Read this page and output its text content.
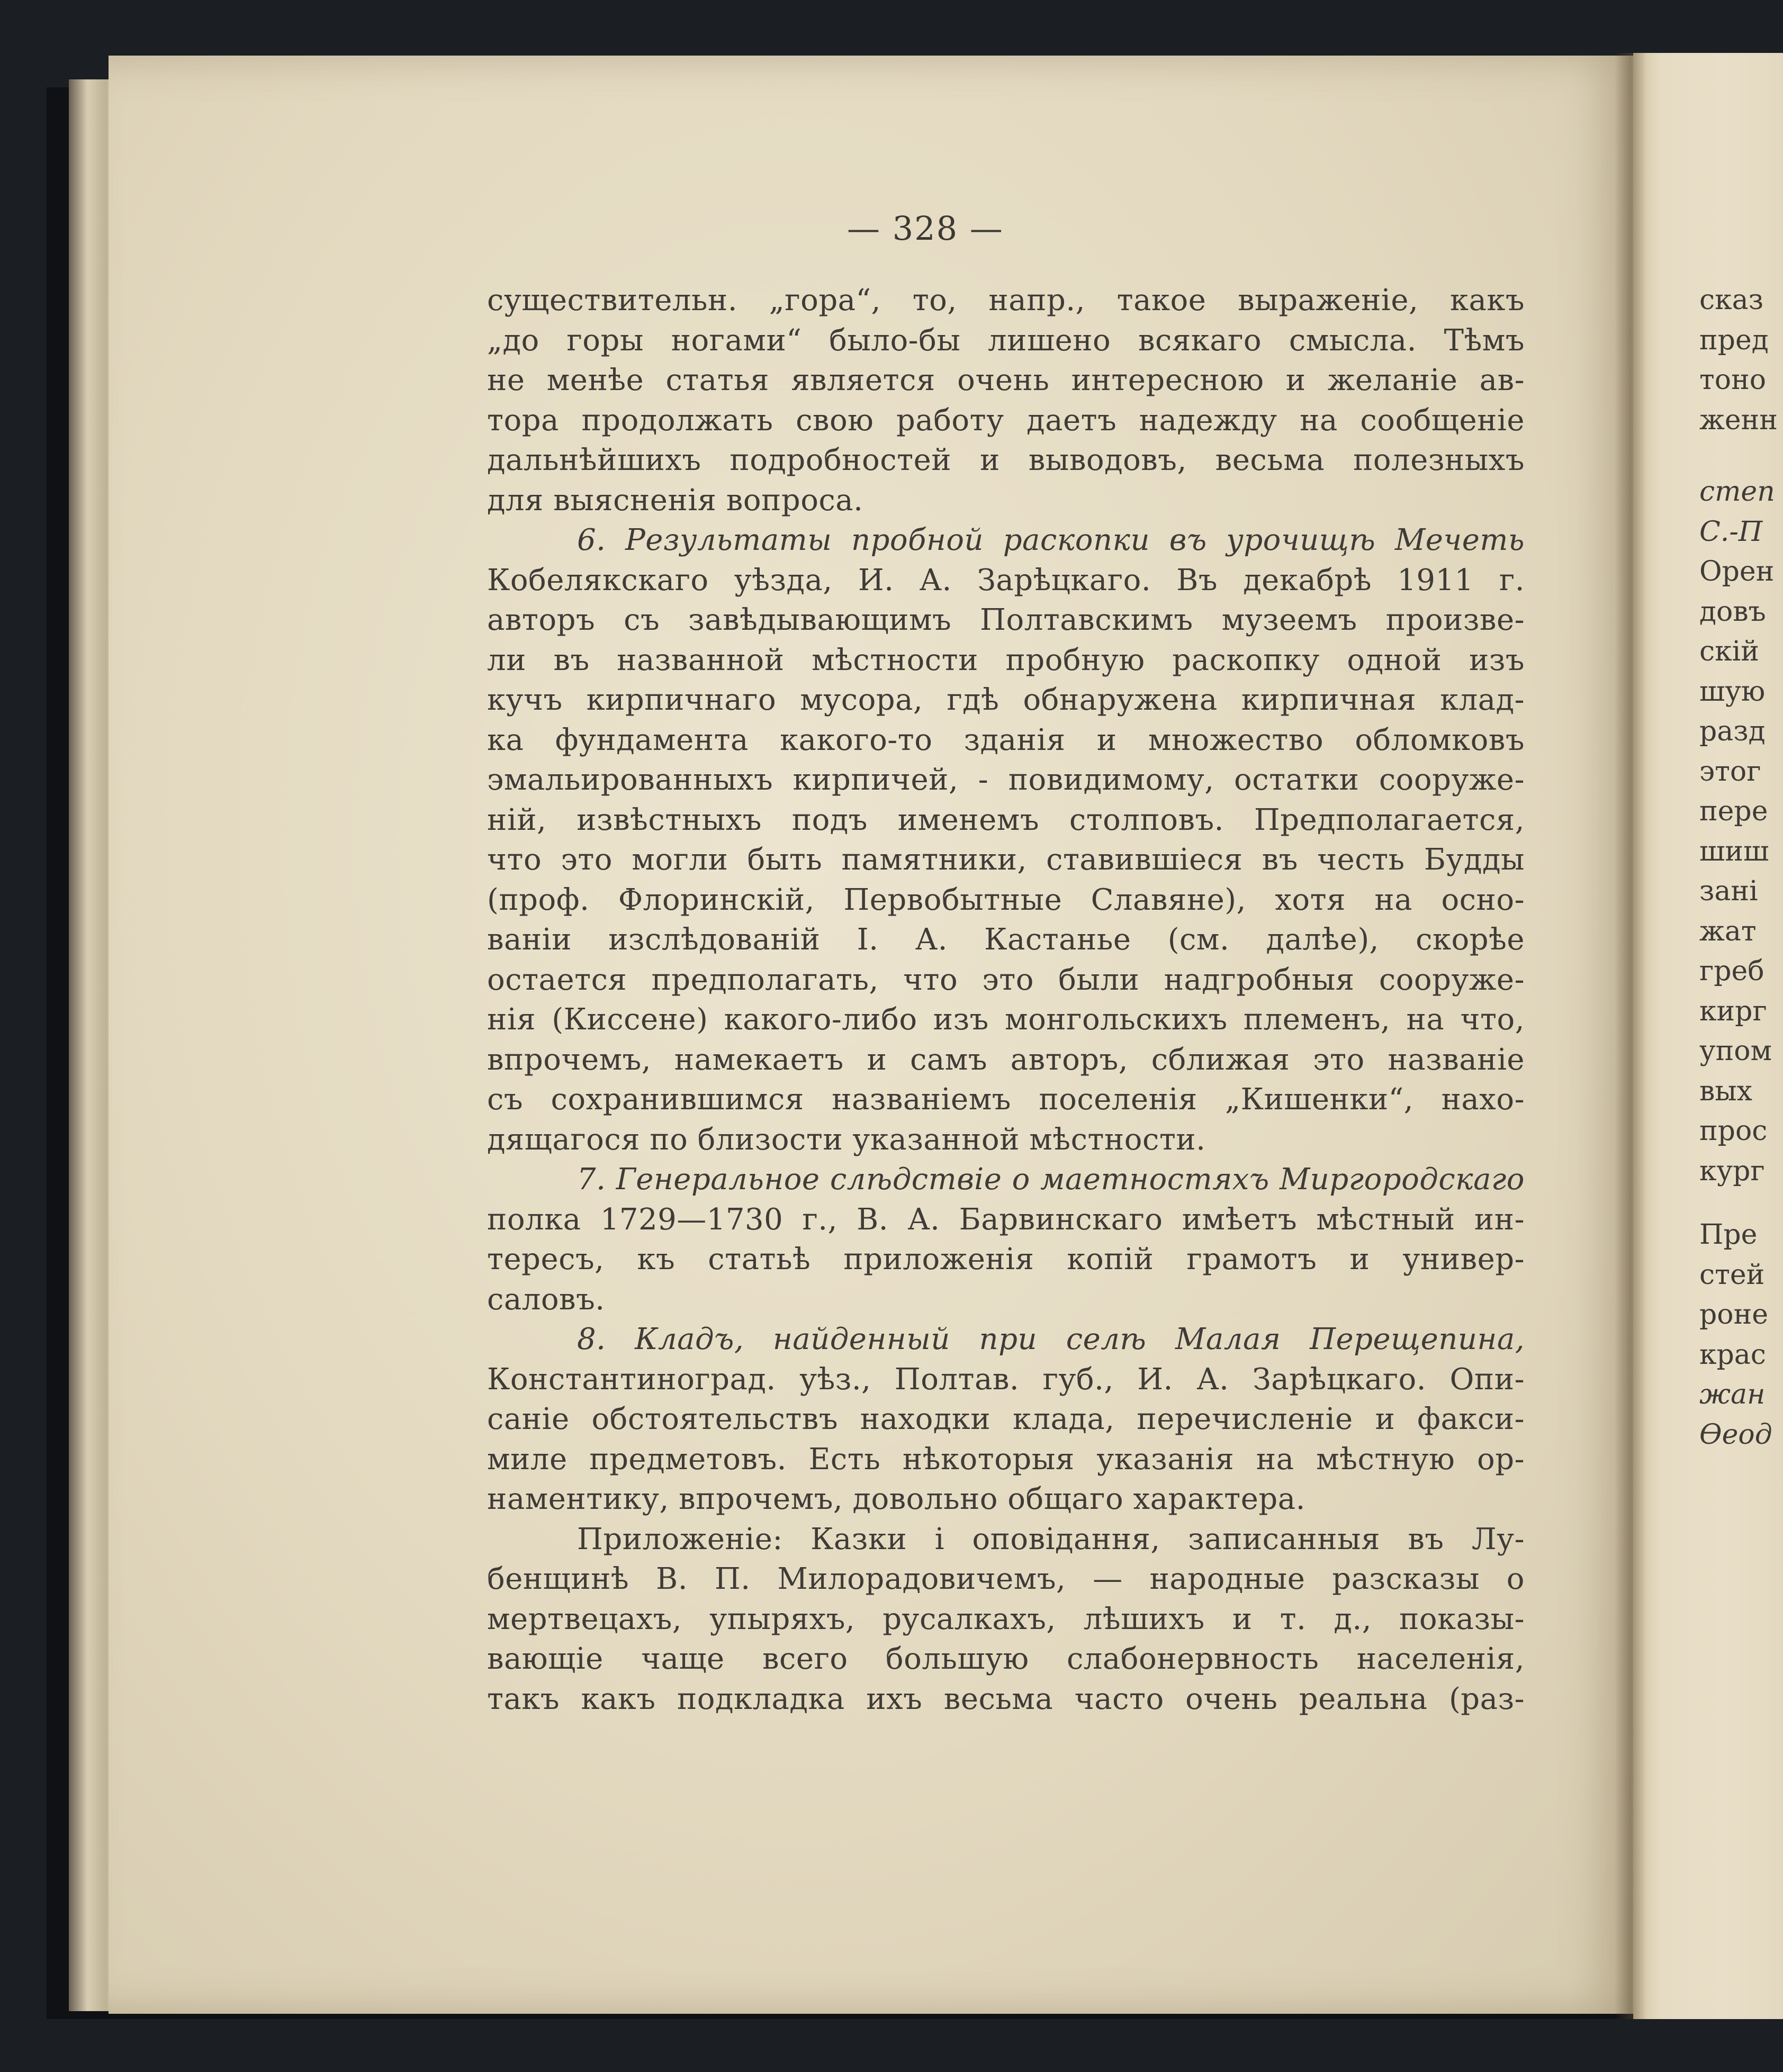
— 328 —
существительн. „гора“, то, напр., такое выраженіе, какъ
„до горы ногами“ было-бы лишено всякаго смысла. Тѣмъ
не менѣе статья является очень интересною и желаніе ав-
тора продолжать свою работу даетъ надежду на сообщеніе
дальнѣйшихъ подробностей и выводовъ, весьма полезныхъ
для выясненія вопроса.
6. Результаты пробной раскопки въ урочищѣ Мечеть
Кобелякскаго уѣзда, И. А. Зарѣцкаго. Въ декабрѣ 1911 г.
авторъ съ завѣдывающимъ Полтавскимъ музеемъ произве-
ли въ названной мѣстности пробную раскопку одной изъ
кучъ кирпичнаго мусора, гдѣ обнаружена кирпичная клад-
ка фундамента какого-то зданія и множество обломковъ
эмальированныхъ кирпичей, - повидимому, остатки сооруже-
ній, извѣстныхъ подъ именемъ столповъ. Предполагается,
что это могли быть памятники, ставившіеся въ честь Будды
(проф. Флоринскій, Первобытные Славяне), хотя на осно-
ваніи изслѣдованій І. А. Кастанье (см. далѣе), скорѣе
остается предполагать, что это были надгробныя сооруже-
нія (Киссене) какого-либо изъ монгольскихъ племенъ, на что,
впрочемъ, намекаетъ и самъ авторъ, сближая это названіе
съ сохранившимся названіемъ поселенія „Кишенки“, нахо-
дящагося по близости указанной мѣстности.
7. Генеральное слѣдствіе о маетностяхъ Миргородскаго
полка 1729—1730 г., В. А. Барвинскаго имѣетъ мѣстный ин-
тересъ, къ статьѣ приложенія копій грамотъ и универ-
саловъ.
8. Кладъ, найденный при селѣ Малая Перещепина,
Константиноград. уѣз., Полтав. губ., И. А. Зарѣцкаго. Опи-
саніе обстоятельствъ находки клада, перечисленіе и факси-
миле предметовъ. Есть нѣкоторыя указанія на мѣстную ор-
наментику, впрочемъ, довольно общаго характера.
Приложеніе: Казки і оповідання, записанныя въ Лу-
бенщинѣ В. П. Милорадовичемъ, — народные разсказы о
мертвецахъ, упыряхъ, русалкахъ, лѣшихъ и т. д., показы-
вающіе чаще всего большую слабонервность населенія,
такъ какъ подкладка ихъ весьма часто очень реальна (раз-
сказ
пред
тоно
женн
степ
С.-П
Орен
довъ
скій
шую
разд
этог
пере
шиш
зані
жат
греб
кирг
упом
вых
прос
кург
Пре
стей
роне
крас
жан
Өеод
